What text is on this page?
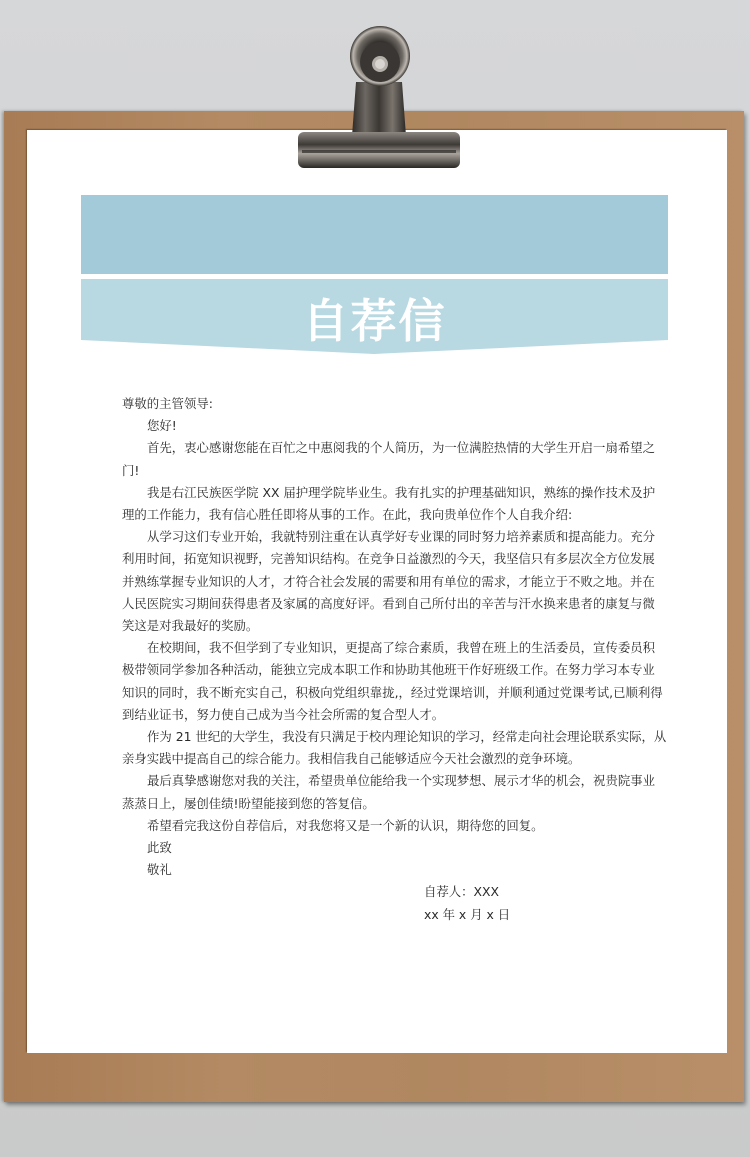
自荐信

尊敬的主管领导:

您好!

首先，衷心感谢您能在百忙之中惠阅我的个人简历，为一位满腔热情的大学生开启一扇希望之门!

我是右江民族医学院 XX 届护理学院毕业生。我有扎实的护理基础知识，熟练的操作技术及护理的工作能力，我有信心胜任即将从事的工作。在此，我向贵单位作个人自我介绍:

从学习这们专业开始，我就特别注重在认真学好专业课的同时努力培养素质和提高能力。充分利用时间，拓宽知识视野，完善知识结构。在竞争日益激烈的今天，我坚信只有多层次全方位发展并熟练掌握专业知识的人才，才符合社会发展的需要和用有单位的需求，才能立于不败之地。并在人民医院实习期间获得患者及家属的高度好评。看到自己所付出的辛苦与汗水换来患者的康复与微笑这是对我最好的奖励。

在校期间，我不但学到了专业知识，更提高了综合素质，我曾在班上的生活委员，宣传委员积极带领同学参加各种活动，能独立完成本职工作和协助其他班干作好班级工作。在努力学习本专业知识的同时，我不断充实自己，积极向党组织靠拢,，经过党课培训，并顺利通过党课考试,已顺利得到结业证书，努力使自己成为当今社会所需的复合型人才。

作为 21 世纪的大学生，我没有只满足于校内理论知识的学习，经常走向社会理论联系实际，从亲身实践中提高自己的综合能力。我相信我自己能够适应今天社会激烈的竞争环境。

最后真挚感谢您对我的关注，希望贵单位能给我一个实现梦想、展示才华的机会，祝贵院事业蒸蒸日上，屡创佳绩!盼望能接到您的答复信。

希望看完我这份自荐信后，对我您将又是一个新的认识，期待您的回复。

此致

敬礼

自荐人：XXX

xx 年 x 月 x 日
